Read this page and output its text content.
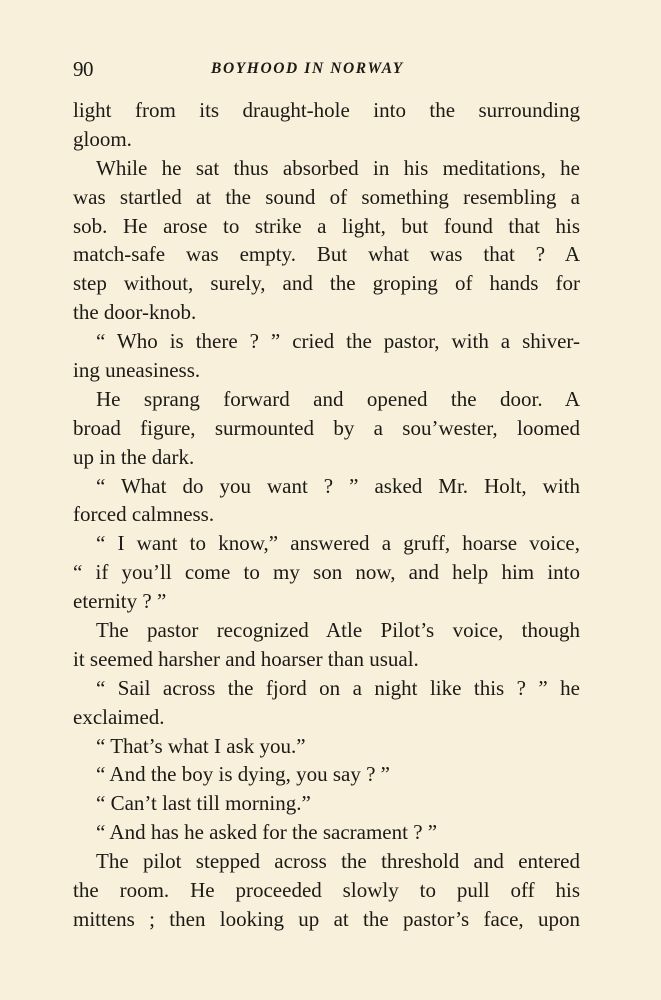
90	BOYHOOD IN NORWAY
light from its draught-hole into the surrounding
gloom.
While he sat thus absorbed in his meditations, he
was startled at the sound of something resembling a
sob. He arose to strike a light, but found that his
match-safe was empty. But what was that ? A
step without, surely, and the groping of hands for
the door-knob.
“ Who is there ? ” cried the pastor, with a shiver-
ing uneasiness.
He sprang forward and opened the door. A
broad figure, surmounted by a sou’wester, loomed
up in the dark.
“ What do you want ? ” asked Mr. Holt, with
forced calmness.
“ I want to know,” answered a gruff, hoarse voice,
“ if you’ll come to my son now, and help him into
eternity ? ”
The pastor recognized Atle Pilot’s voice, though
it seemed harsher and hoarser than usual.
“ Sail across the fjord on a night like this ? ” he
exclaimed.
“ That’s what I ask you.”
“ And the boy is dying, you say ? ”
“ Can’t last till morning.”
“ And has he asked for the sacrament ? ”
The pilot stepped across the threshold and entered
the room. He proceeded slowly to pull off his
mittens ; then looking up at the pastor’s face, upon
